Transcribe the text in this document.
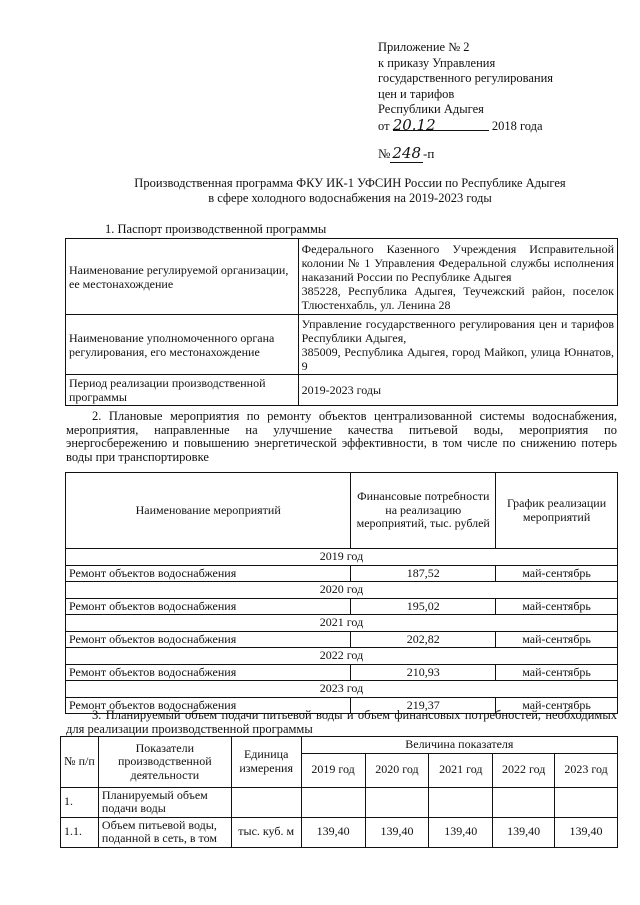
Приложение № 2
к приказу Управления
государственного регулирования
цен и тарифов
Республики Адыгея
от 20.12	2018 года
№ 248 -п
Производственная программа ФКУ ИК-1 УФСИН России по Республике Адыгея
в сфере холодного водоснабжения на 2019-2023 годы
1. Паспорт производственной программы
Наименование регулируемой организации, ее местонахождение	Федерального Казенного Учреждения Исправительной колонии № 1 Управления Федеральной службы исполнения наказаний России по Республике Адыгея
385228, Республика Адыгея, Теучежский район, поселок Тлюстенхабль, ул. Ленина 28

Наименование уполномоченного органа регулирования, его местонахождение	Управление государственного регулирования цен и тарифов Республики Адыгея,
385009, Республика Адыгея, город Майкоп, улица Юннатов, 9

Период реализации производственной программы	2019-2023 годы
2. Плановые мероприятия по ремонту объектов централизованной системы водоснабжения, мероприятия, направленные на улучшение качества питьевой воды, мероприятия по энергосбережению и повышению энергетической эффективности, в том числе по снижению потерь воды при транспортировке
Наименование мероприятий	Финансовые потребности на реализацию мероприятий, тыс. рублей	График реализации мероприятий
2019 год		
Ремонт объектов водоснабжения	187,52	май-сентябрь
2020 год		
Ремонт объектов водоснабжения	195,02	май-сентябрь
2021 год		
Ремонт объектов водоснабжения	202,82	май-сентябрь
2022 год		
Ремонт объектов водоснабжения	210,93	май-сентябрь
2023 год		
Ремонт объектов водоснабжения	219,37	май-сентябрь
3. Планируемый объем подачи питьевой воды и объем финансовых потребностей, необходимых для реализации производственной программы
№ п/п	Показатели производственной деятельности	Единица измерения	Величина показателя				
			2019 год	2020 год	2021 год	2022 год	2023 год
1.	Планируемый объем подачи воды						
1.1.	Объем питьевой воды, поданной в сеть, в том	тыс. куб. м	139,40	139,40	139,40	139,40	139,40
